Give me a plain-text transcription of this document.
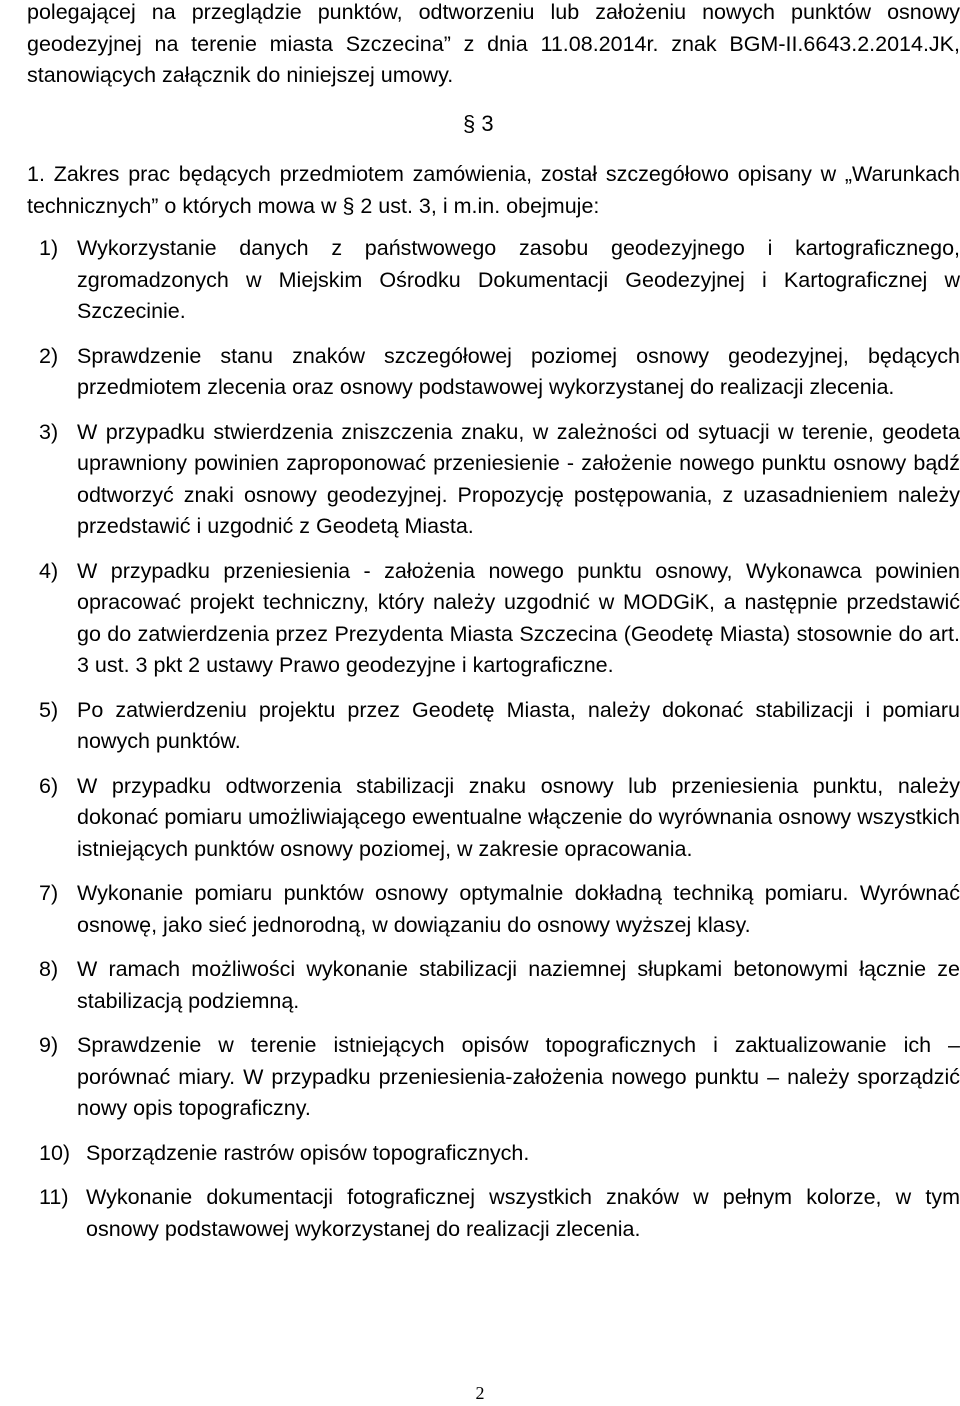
polegającej na przeglądzie punktów, odtworzeniu lub założeniu nowych punktów osnowy geodezyjnej na terenie miasta Szczecina” z dnia 11.08.2014r. znak BGM-II.6643.2.2014.JK, stanowiących załącznik do niniejszej umowy.

§ 3

1. Zakres prac będących przedmiotem zamówienia, został szczegółowo opisany w „Warunkach technicznych” o których mowa w § 2 ust. 3, i m.in. obejmuje:

1) Wykorzystanie danych z państwowego zasobu geodezyjnego i kartograficznego, zgromadzonych w Miejskim Ośrodku Dokumentacji Geodezyjnej i Kartograficznej w Szczecinie.
2) Sprawdzenie stanu znaków szczegółowej poziomej osnowy geodezyjnej, będących przedmiotem zlecenia oraz osnowy podstawowej wykorzystanej do realizacji zlecenia.
3) W przypadku stwierdzenia zniszczenia znaku, w zależności od sytuacji w terenie, geodeta uprawniony powinien zaproponować przeniesienie - założenie nowego punktu osnowy bądź odtworzyć znaki osnowy geodezyjnej. Propozycję postępowania, z uzasadnieniem należy przedstawić i uzgodnić z Geodetą Miasta.
4) W przypadku przeniesienia - założenia nowego punktu osnowy, Wykonawca powinien opracować projekt techniczny, który należy uzgodnić w MODGiK, a następnie przedstawić go do zatwierdzenia przez Prezydenta Miasta Szczecina (Geodetę Miasta) stosownie do art. 3 ust. 3 pkt 2 ustawy Prawo geodezyjne i kartograficzne.
5) Po zatwierdzeniu projektu przez Geodetę Miasta, należy dokonać stabilizacji i pomiaru nowych punktów.
6) W przypadku odtworzenia stabilizacji znaku osnowy lub przeniesienia punktu, należy dokonać pomiaru umożliwiającego ewentualne włączenie do wyrównania osnowy wszystkich istniejących punktów osnowy poziomej, w zakresie opracowania.
7) Wykonanie pomiaru punktów osnowy optymalnie dokładną techniką pomiaru. Wyrównać osnowę, jako sieć jednorodną, w dowiązaniu do osnowy wyższej klasy.
8) W ramach możliwości wykonanie stabilizacji naziemnej słupkami betonowymi łącznie ze stabilizacją podziemną.
9) Sprawdzenie w terenie istniejących opisów topograficznych i zaktualizowanie ich – porównać miary. W przypadku przeniesienia-założenia nowego punktu – należy sporządzić nowy opis topograficzny.
10) Sporządzenie rastrów opisów topograficznych.
11) Wykonanie dokumentacji fotograficznej wszystkich znaków w pełnym kolorze, w tym osnowy podstawowej wykorzystanej do realizacji zlecenia.
2
